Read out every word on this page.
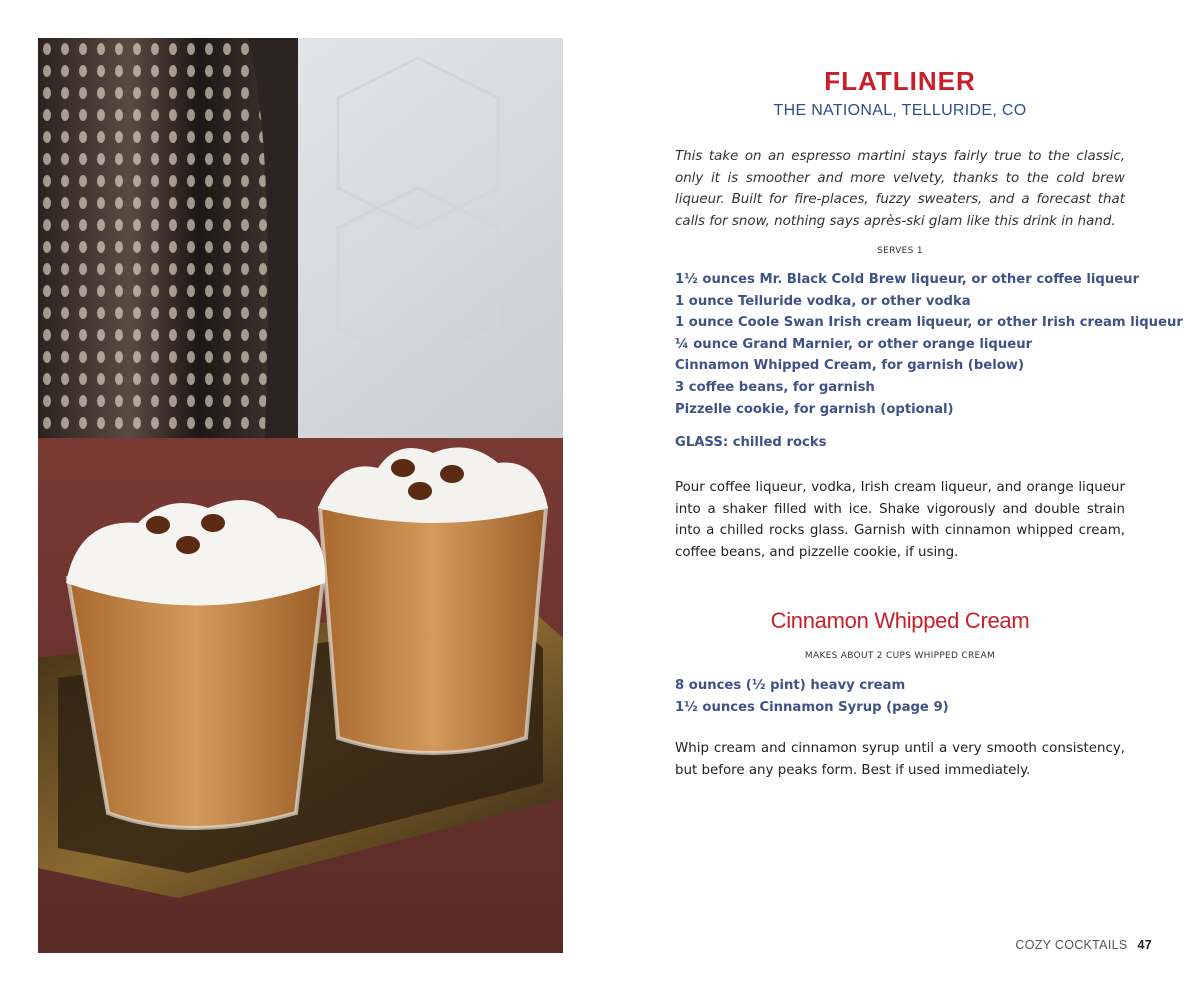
FLATLINER
THE NATIONAL, TELLURIDE, CO

This take on an espresso martini stays fairly true to the classic, only it is smoother and more velvety, thanks to the cold brew liqueur. Built for fire-places, fuzzy sweaters, and a forecast that calls for snow, nothing says après-ski glam like this drink in hand.

SERVES 1
1½ ounces Mr. Black Cold Brew liqueur, or other coffee liqueur
1 ounce Telluride vodka, or other vodka
1 ounce Coole Swan Irish cream liqueur, or other Irish cream liqueur
¼ ounce Grand Marnier, or other orange liqueur
Cinnamon Whipped Cream, for garnish (below)
3 coffee beans, for garnish
Pizzelle cookie, for garnish (optional)
GLASS: chilled rocks

Pour coffee liqueur, vodka, Irish cream liqueur, and orange liqueur into a shaker filled with ice. Shake vigorously and double strain into a chilled rocks glass. Garnish with cinnamon whipped cream, coffee beans, and pizzelle cookie, if using.

Cinnamon Whipped Cream
MAKES ABOUT 2 CUPS WHIPPED CREAM
8 ounces (½ pint) heavy cream
1½ ounces Cinnamon Syrup (page 9)

Whip cream and cinnamon syrup until a very smooth consistency, but before any peaks form. Best if used immediately.

COZY COCKTAILS 47
